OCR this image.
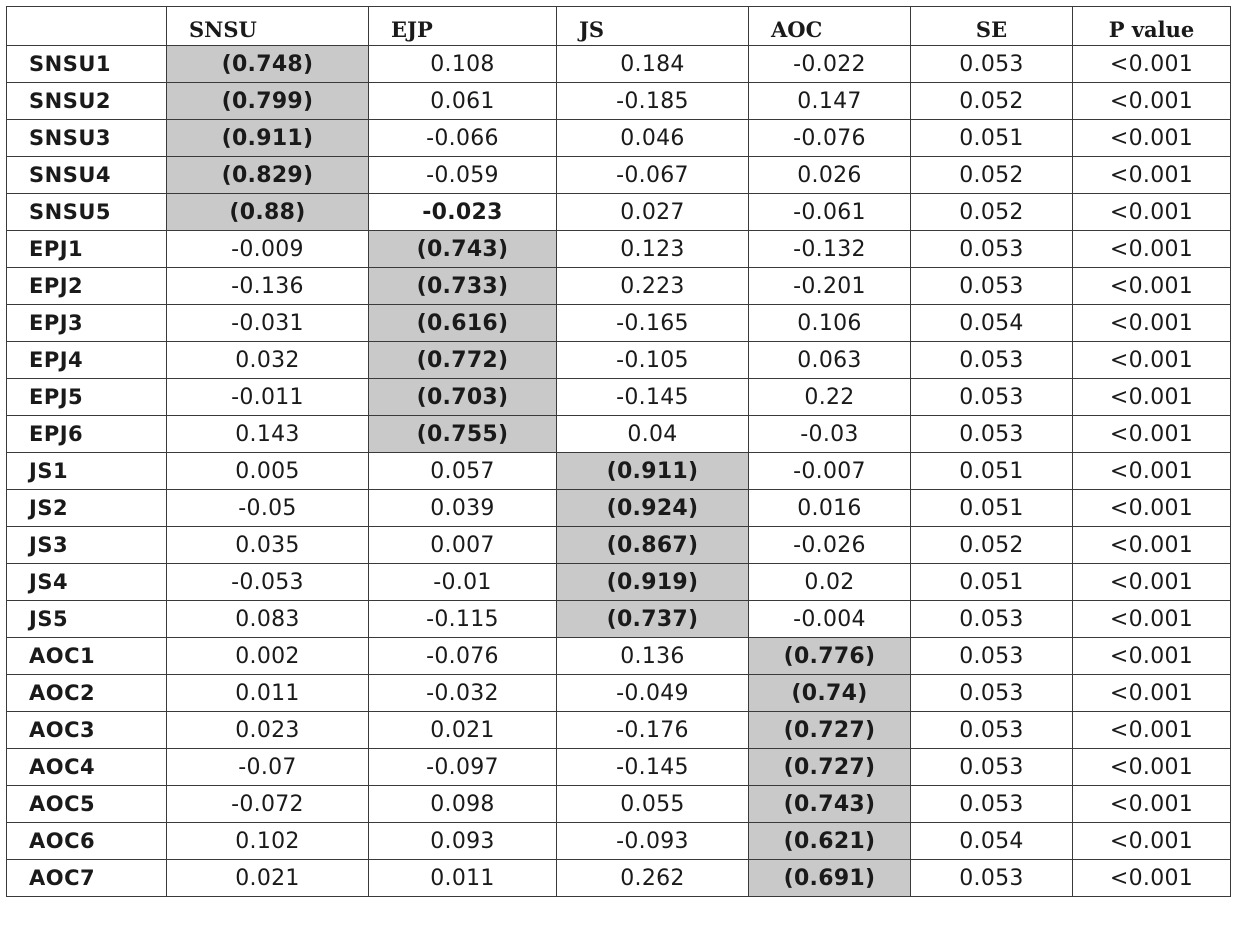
	SNSU	EJP	JS	AOC	SE	P value
SNSU1	(0.748)	0.108	0.184	-0.022	0.053	<0.001
SNSU2	(0.799)	0.061	-0.185	0.147	0.052	<0.001
SNSU3	(0.911)	-0.066	0.046	-0.076	0.051	<0.001
SNSU4	(0.829)	-0.059	-0.067	0.026	0.052	<0.001
SNSU5	(0.88)	-0.023	0.027	-0.061	0.052	<0.001
EPJ1	-0.009	(0.743)	0.123	-0.132	0.053	<0.001
EPJ2	-0.136	(0.733)	0.223	-0.201	0.053	<0.001
EPJ3	-0.031	(0.616)	-0.165	0.106	0.054	<0.001
EPJ4	0.032	(0.772)	-0.105	0.063	0.053	<0.001
EPJ5	-0.011	(0.703)	-0.145	0.22	0.053	<0.001
EPJ6	0.143	(0.755)	0.04	-0.03	0.053	<0.001
JS1	0.005	0.057	(0.911)	-0.007	0.051	<0.001
JS2	-0.05	0.039	(0.924)	0.016	0.051	<0.001
JS3	0.035	0.007	(0.867)	-0.026	0.052	<0.001
JS4	-0.053	-0.01	(0.919)	0.02	0.051	<0.001
JS5	0.083	-0.115	(0.737)	-0.004	0.053	<0.001
AOC1	0.002	-0.076	0.136	(0.776)	0.053	<0.001
AOC2	0.011	-0.032	-0.049	(0.74)	0.053	<0.001
AOC3	0.023	0.021	-0.176	(0.727)	0.053	<0.001
AOC4	-0.07	-0.097	-0.145	(0.727)	0.053	<0.001
AOC5	-0.072	0.098	0.055	(0.743)	0.053	<0.001
AOC6	0.102	0.093	-0.093	(0.621)	0.054	<0.001
AOC7	0.021	0.011	0.262	(0.691)	0.053	<0.001
